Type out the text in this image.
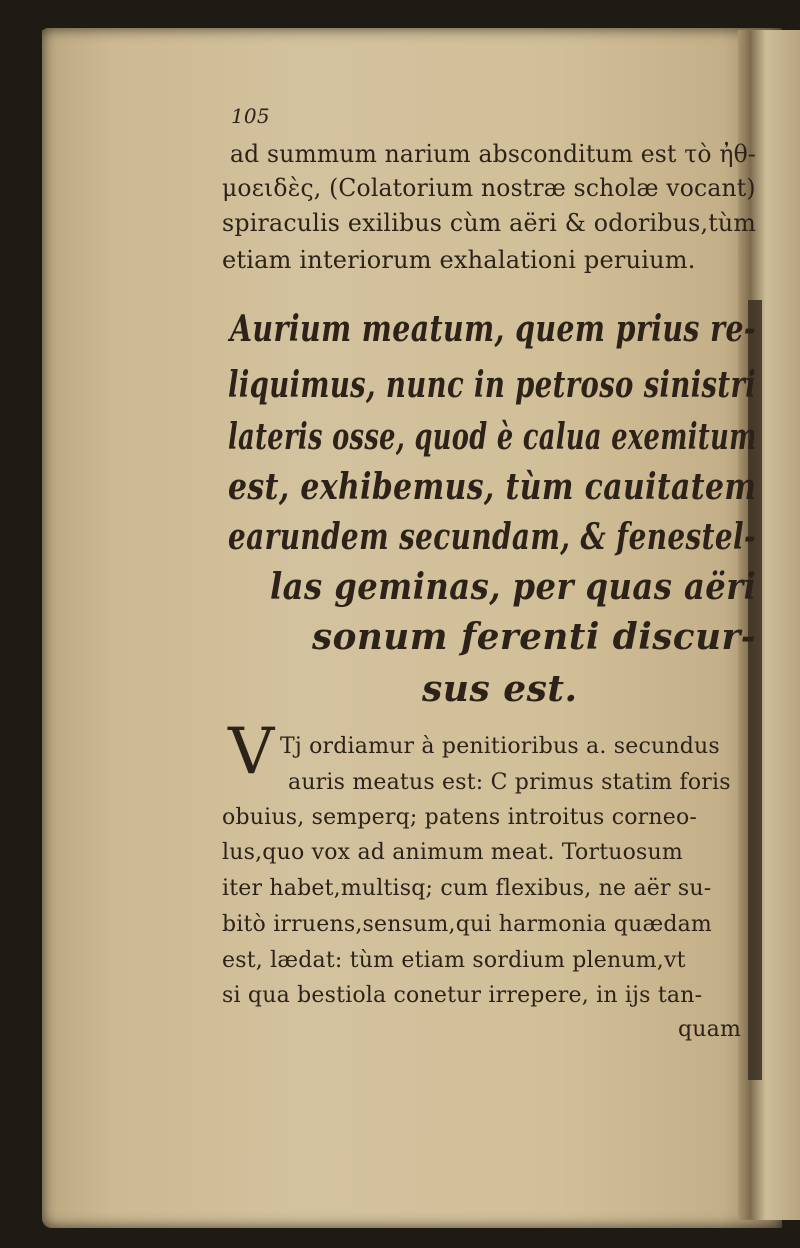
105
ad summum narium absconditum est τὸ ἠθ-
μοειδὲς, (Colatorium nostræ scholæ vocant)
spiraculis exilibus cùm aëri & odoribus,tùm
etiam interiorum exhalationi peruium.
Aurium meatum, quem prius re-
liquimus, nunc in petroso sinistri
lateris osse, quod è calua exemitum
est, exhibemus, tùm cauitatem
earundem secundam, & fenestel-
las geminas, per quas aëri
sonum ferenti discur-
sus est.
V Tj ordiamur à penitioribus a. secundus
auris meatus est: C primus statim foris
obuius, semperq; patens introitus corneo-
lus,quo vox ad animum meat. Tortuosum
iter habet,multisq; cum flexibus, ne aër su-
bitò irruens,sensum,qui harmonia quædam
est, lædat: tùm etiam sordium plenum,vt
si qua bestiola conetur irrepere, in ijs tan-
quam
